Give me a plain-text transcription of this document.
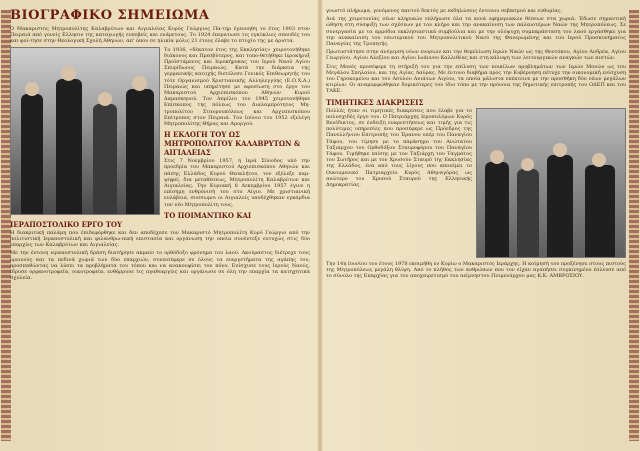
ΒΙΟΓΡΑΦΙΚΟ ΣΗΜΕΙΩΜΑ

Ο Μακαριστός Μητροπολίτης Καλαβρύτων και Αιγιαλείας Κυρός Γεώργιος Πα-τηρ έγεννηθη το έτος 1903 στον Πειραιά από γονείς Ελλησιν της καταγωγής ευσεβείς και ενάρετους. Το 1924 έπερατωσε τις εγκύκλιες σπουδές του και φοί-τησε στην Θεολογική Σχολή Αθηνών, απ' όπου σε ηλικία μόλις 21 έτους έλαβε το πτυχίο της με άριστα.

Το 1936, «δέκατον έτος της Εκκλησίας» χειροτονήθηκε διάκονος και Πρεσβύτερος, και τοπο-θετήθηκε Ιεροκήρυξ Προϊστάμενος και Ιεροκήρυκας του Ιερού Ναού Αγίου Σπυρίδωνος Πειραιώς. Κατά την διάρκεια της γερμανικής κατοχής διετέλεσε Γενικός Επιθεωρητής του τότε Οργανισμού Χριστιανικής Αλληλεγγύης (Ε.Ο.Χ.Α.) Πειραιώς και υπηρέτησε με αφοσίωση στο έργο του Μακαριστού Αρχιεπισκόπου Αθηνών Κυρού Δαμασκηνού. Τον Απρίλιο του 1945 χειροτονήθηκε Επίσκοπος της πόλεως του Διαλαμπρότητος Μη-τροπολίτου Σταυρουπόλεως και Αρχιεπισκόπου Επίτροπος στον Πειραιά. Τον Ιούνιο του 1952 εξελέγη Μητροπολίτης Θήρας και Αμοργού.

Η ΕΚΛΟΓΗ ΤΟΥ ΩΣ ΜΗΤΡΟΠΟΛΙΤΟΥ ΚΑΛΑΒΡΥΤΩΝ & ΑΙΓΙΑΛΕΙΑΣ

Στις 7 Νοεμβρίου 1957, η Ιερά Σύνοδος υπό την προεδρία του Μακαριστού Αρχιεπισκόπου Αθηνών και πάσης Ελλάδος Κυρού Θεοκλήτου, τον εξέλεξε παμ-ψηφεί, δια μεταθέσεως, Μητροπολίτη Καλαβρύτων και Αιγιαλείας. Την Κυριακή 8 Δεκεμβρίου 1957 έγινε η επίσημη ενθρόνισή του στο Αίγιο. Με χριστιανική ευλάβεια, συσσωμοι οι Αιγιαλείς υποδέχθηκαν εγκάρδια τον νέο Μητροπολίτη τους.

ΤΟ ΠΟΙΜΑΝΤΙΚΟ ΚΑΙ ΙΕΡΑΠΟΣΤΟΛΙΚΟ ΕΡΓΟ ΤΟΥ

Η διακριτική παλάμη που έπιδεφόρθηκε και δεν αποδέχεσε τον Μακαριστό Μητροπολίτη Κυρό Γεώργιο από την πολιτιστική Ιεραποστολική και φιλανθρω-πική επιστασία και οργάνωση την οποία συνέντεξε ευτυχώς στις δύο επαρχίες των Καλαβρύτων και Αιγιαλείας.

Με την έντονη ιεραποστολική δράση διατήρησε ακμαίο το ορθόδοξο φρόνημα του λαού. Ακούραστος διέτρεχε τους ορεινούς και τα πεδινά χωριά των δύο επαρχιών, συνεισέφερε σε όλους τα ευεργετήματα της αγάπης του, προσπαθώντας να λύσει τα προβλήματα του τόπου και να ανακουφίσει τον πόνο. Ενίσχυσε τους Ιερούς Ναούς, ίδρυσε ορφανοτροφεία, οικοτροφεία, ενθάρρυνε τις αγαθοεργίες και οργάνωσε σε όλη την επαρχία τα κατηχητικά σχολεία.

γνωστό πλήρωμα, γενόμενος παντού δεκτός με εκδηλώσεις έντονου σεβασμού και ευθυμίας.

Διά της χειροτονίας νέων κληρικών επλήρωσε όλα τα κενά εφημεριακών θέσεων στα χωριά. Έδωσε σημαντική ώθηση στη σύσφιξη των σχέσεων με τον κλήρο και την ανακαίνιση των παλαιοτέρων Ναών της Μητροπόλεως. Σε συνεργασία με τα αρμόδια εκκλησιαστικά συμβούλια και με την ολόψυχη συμπαράσταση του λαού εργάσθηκε για την ανακαίνιση του εσωτερικού του Μητροπολιτικού Ναού της Φανερωμένης και του Ιερού Προσκυνήματος Παναγίας της Τρυπητής.

Πρωτοστάτησε στην ανέγερση νέων ενοριών και την θεμελίωση Ιερών Ναών ως της Θεοτόκου, Αγίου Ανδρέα, Αγίου Γεωργίου, Αγίου Αλεξίου και Αγίου Ιωάννου Καλλιθέας και στη κάλυψη των λειτουργικών αναγκών των πιστών.

Στις Μονές προσέφερε τη στήριξή του για την επίλυση των ποικίλων προβλημάτων των Ιερών Μονών ως του Μεγάλου Σπηλαίου, και της Αγίας Λαύρας. Με έντονο διαβήμα προς την Κυβέρνηση πέτυχε την οικονομική ενίσχυση του Γηροκομείου και του Ασύλου Ανιάτων Αιγίου, τα οποία μάλιστα επέκτεινε με την προσθήκη δύο νέων μεγάλων κτιρίων. Οι αναμορφώθηκαν δομικότερες τον ίδιο τόπο με την πρόνοια της δημοτικής επιτροπής του ΟΔΕΠ και του ΤΑΚΕ.

ΤΙΜΗΤΙΚΕΣ ΔΙΑΚΡΙΣΕΙΣ

Πολλές ήταν οι τιμητικές διακρίσεις που έλαβε για το πολυσχιδές έργο του. Ο Πατριάρχης Ιεροσολύμων Κυρός Βενέδικτος, σε ένδειξη ευαρεστήσεως και τιμής για τις πολύτιμες υπηρεσίες που προσέφερε ως Πρόεδρος της Πανελλήνιου Επιτροπής του Έρανου υπέρ του Παναγίου Τάφου, του τίμησε με το παράσημο του Ανώτατου Ταξιάρχου του Ορθοδόξου Σταυροφόρου του Παναγίου Τάφου. Τιμήθηκε επίσης με τον Ταξιάρχη του Ταγματος του Σωτήρος και με τον Χρυσούν Σταυρό της Εκκλησίας της Ελλάδος, ένα από τους λίγους που απονέμει το Οικουμενικό Πατριαρχείο Κυρός Αθηναγόρας ως ανώτερο του Χρυσού Σταυρού της Ελληνικής Δημοκρατίας.

Την 14η Ιουνίου του έτους 1978 εκοιμήθη εν Κυρίω ο Μακαριστός Ιεράρχης. Η κοίμησή του προξένησε στους πιστούς της Μητροπόλεως μεγάλη θλίψη. Από το πλήθος των ανθρώπων που τον είχαν αγαπήσει συγκινημένο έπλευσε από το σύνολο της Επαρχίας για τον αποχαιρετισμό του αείμνηστου Ποιμενάρχου μας Κ.Κ. ΑΜΒΡΟΣΙΟΥ.
